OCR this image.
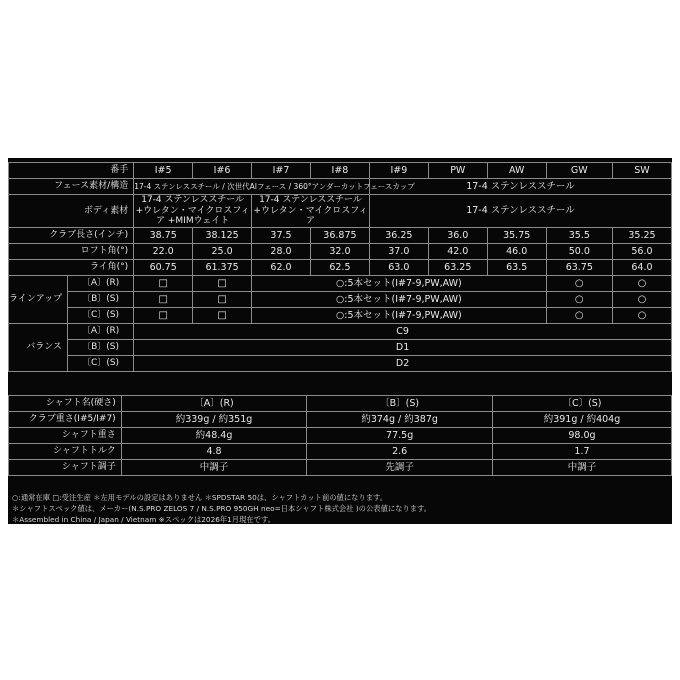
番手		I#5	I#6	I#7	I#8	I#9	PW	AW	GW	SW
フェース素材/構造		17-4 ステンレススチール / 次世代AIフェース / 360°アンダーカットフェースカップ				17-4 ステンレススチール				
ボディ素材		17-4 ステンレススチール +ウレタン・マイクロスフィア +MIMウェイト		17-4 ステンレススチール +ウレタン・マイクロスフィア		17-4 ステンレススチール				
クラブ長さ(インチ)		38.75	38.125	37.5	36.875	36.25	36.0	35.75	35.5	35.25
ロフト角(°)		22.0	25.0	28.0	32.0	37.0	42.0	46.0	50.0	56.0
ライ角(°)		60.75	61.375	62.0	62.5	63.0	63.25	63.5	63.75	64.0
ラインアップ	〔A〕(R)	□	□	○:5本セット(I#7-9,PW,AW)					○	○
	〔B〕(S)	□	□	○:5本セット(I#7-9,PW,AW)					○	○
	〔C〕(S)	□	□	○:5本セット(I#7-9,PW,AW)					○	○
バランス	〔A〕(R)	C9								
	〔B〕(S)	D1								
	〔C〕(S)	D2								
シャフト名(硬さ)	〔A〕(R)	〔B〕(S)	〔C〕(S)
クラブ重さ(I#5/I#7)	約339g / 約351g	約374g / 約387g	約391g / 約404g
シャフト重さ	約48.4g	77.5g	98.0g
シャフトトルク	4.8	2.6	1.7
シャフト調子	中調子	先調子	中調子
○:通常在庫 □:受注生産 ＊左用モデルの設定はありません ＊SPDSTAR 50は、シャフトカット前の値になります。
＊シャフトスペック値は、メーカー(N.S.PRO ZELOS 7 / N.S.PRO 950GH neo=日本シャフト株式会社 )の公表値になります。
＊Assembled in China / Japan / Vietnam ※スペックは2026年1月現在です。
